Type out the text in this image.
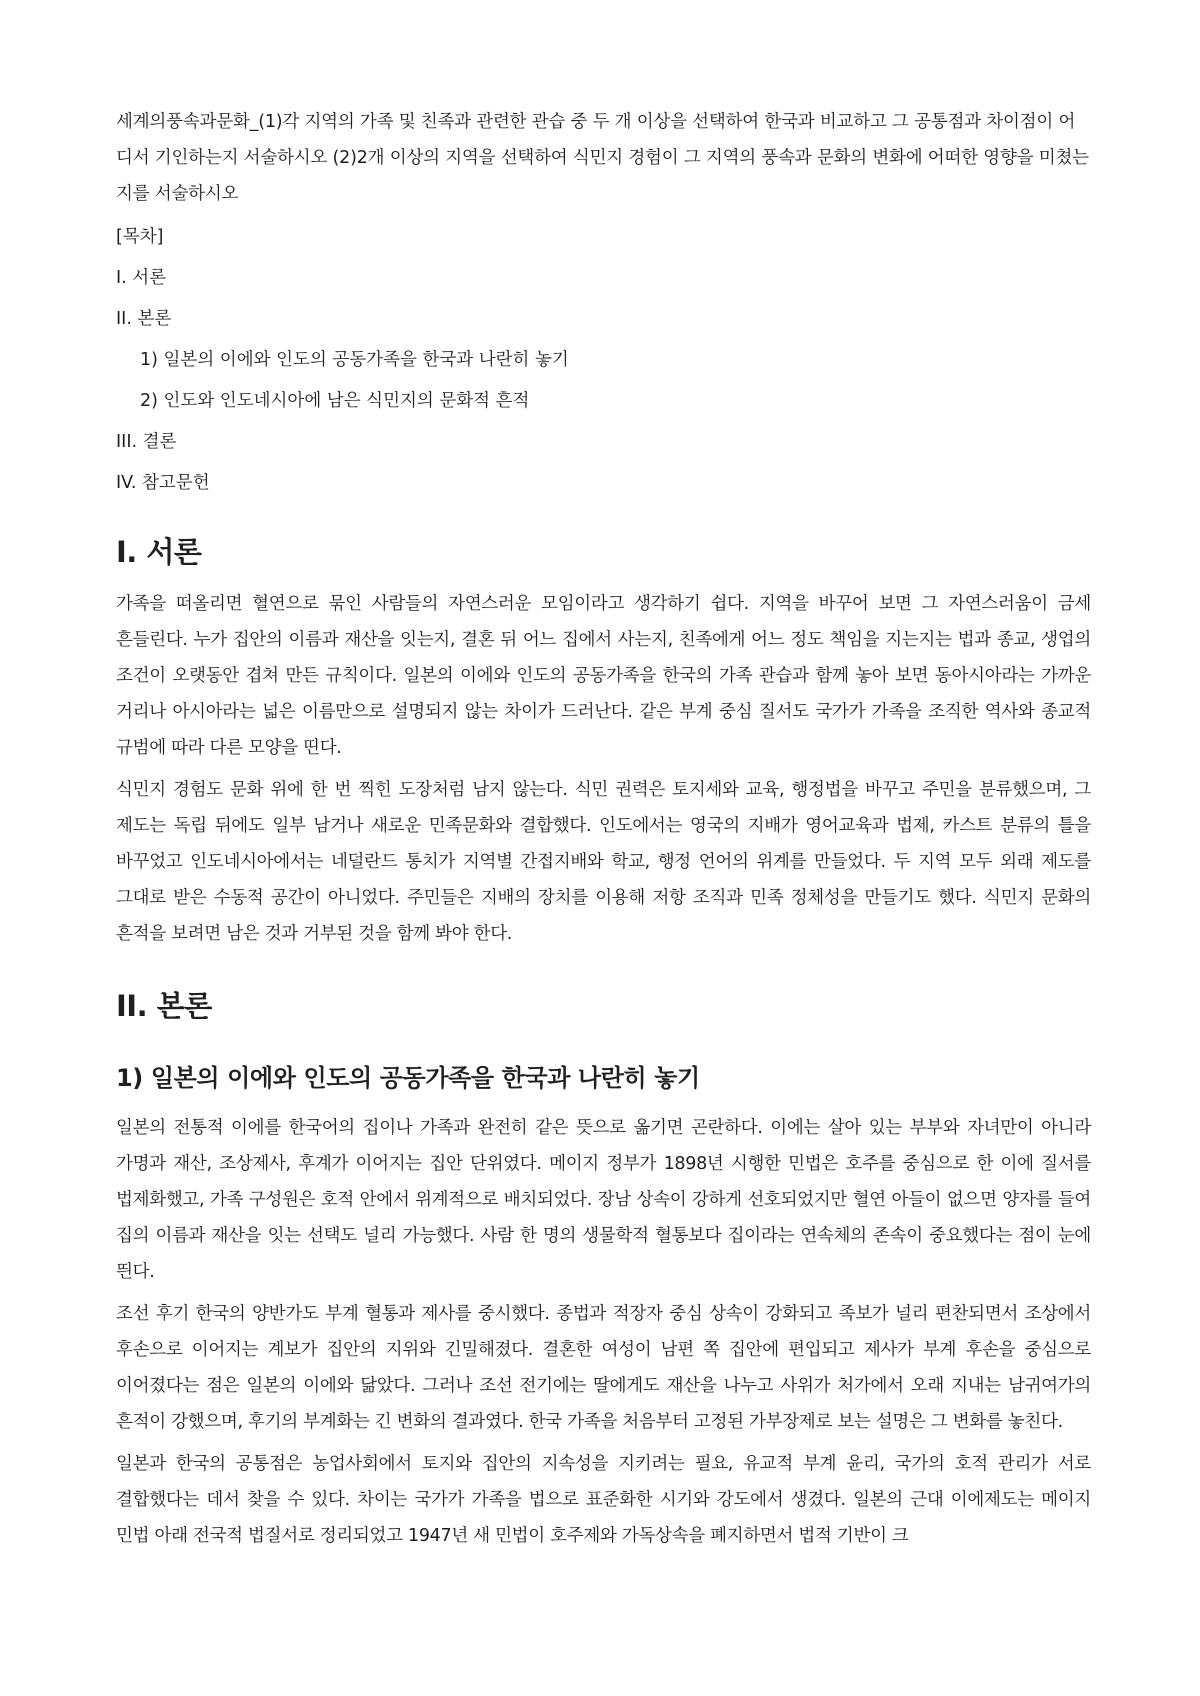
세계의풍속과문화_(1)각 지역의 가족 및 친족과 관련한 관습 중 두 개 이상을 선택하여 한국과 비교하고 그 공통점과 차이점이 어디서 기인하는지 서술하시오 (2)2개 이상의 지역을 선택하여 식민지 경험이 그 지역의 풍속과 문화의 변화에 어떠한 영향을 미쳤는지를 서술하시오

[목차]
I. 서론
II. 본론
1) 일본의 이에와 인도의 공동가족을 한국과 나란히 놓기
2) 인도와 인도네시아에 남은 식민지의 문화적 흔적
III. 결론
IV. 참고문헌
I. 서론

가족을 떠올리면 혈연으로 묶인 사람들의 자연스러운 모임이라고 생각하기 쉽다. 지역을 바꾸어 보면 그 자연스러움이 금세 흔들린다. 누가 집안의 이름과 재산을 잇는지, 결혼 뒤 어느 집에서 사는지, 친족에게 어느 정도 책임을 지는지는 법과 종교, 생업의 조건이 오랫동안 겹쳐 만든 규칙이다. 일본의 이에와 인도의 공동가족을 한국의 가족 관습과 함께 놓아 보면 동아시아라는 가까운 거리나 아시아라는 넓은 이름만으로 설명되지 않는 차이가 드러난다. 같은 부계 중심 질서도 국가가 가족을 조직한 역사와 종교적 규범에 따라 다른 모양을 띤다.

식민지 경험도 문화 위에 한 번 찍힌 도장처럼 남지 않는다. 식민 권력은 토지세와 교육, 행정법을 바꾸고 주민을 분류했으며, 그 제도는 독립 뒤에도 일부 남거나 새로운 민족문화와 결합했다. 인도에서는 영국의 지배가 영어교육과 법제, 카스트 분류의 틀을 바꾸었고 인도네시아에서는 네덜란드 통치가 지역별 간접지배와 학교, 행정 언어의 위계를 만들었다. 두 지역 모두 외래 제도를 그대로 받은 수동적 공간이 아니었다. 주민들은 지배의 장치를 이용해 저항 조직과 민족 정체성을 만들기도 했다. 식민지 문화의 흔적을 보려면 남은 것과 거부된 것을 함께 봐야 한다.

II. 본론
1) 일본의 이에와 인도의 공동가족을 한국과 나란히 놓기

일본의 전통적 이에를 한국어의 집이나 가족과 완전히 같은 뜻으로 옮기면 곤란하다. 이에는 살아 있는 부부와 자녀만이 아니라 가명과 재산, 조상제사, 후계가 이어지는 집안 단위였다. 메이지 정부가 1898년 시행한 민법은 호주를 중심으로 한 이에 질서를 법제화했고, 가족 구성원은 호적 안에서 위계적으로 배치되었다. 장남 상속이 강하게 선호되었지만 혈연 아들이 없으면 양자를 들여 집의 이름과 재산을 잇는 선택도 널리 가능했다. 사람 한 명의 생물학적 혈통보다 집이라는 연속체의 존속이 중요했다는 점이 눈에 띈다.

조선 후기 한국의 양반가도 부계 혈통과 제사를 중시했다. 종법과 적장자 중심 상속이 강화되고 족보가 널리 편찬되면서 조상에서 후손으로 이어지는 계보가 집안의 지위와 긴밀해졌다. 결혼한 여성이 남편 쪽 집안에 편입되고 제사가 부계 후손을 중심으로 이어졌다는 점은 일본의 이에와 닮았다. 그러나 조선 전기에는 딸에게도 재산을 나누고 사위가 처가에서 오래 지내는 남귀여가의 흔적이 강했으며, 후기의 부계화는 긴 변화의 결과였다. 한국 가족을 처음부터 고정된 가부장제로 보는 설명은 그 변화를 놓친다.

일본과 한국의 공통점은 농업사회에서 토지와 집안의 지속성을 지키려는 필요, 유교적 부계 윤리, 국가의 호적 관리가 서로 결합했다는 데서 찾을 수 있다. 차이는 국가가 가족을 법으로 표준화한 시기와 강도에서 생겼다. 일본의 근대 이에제도는 메이지 민법 아래 전국적 법질서로 정리되었고 1947년 새 민법이 호주제와 가독상속을 폐지하면서 법적 기반이 크
